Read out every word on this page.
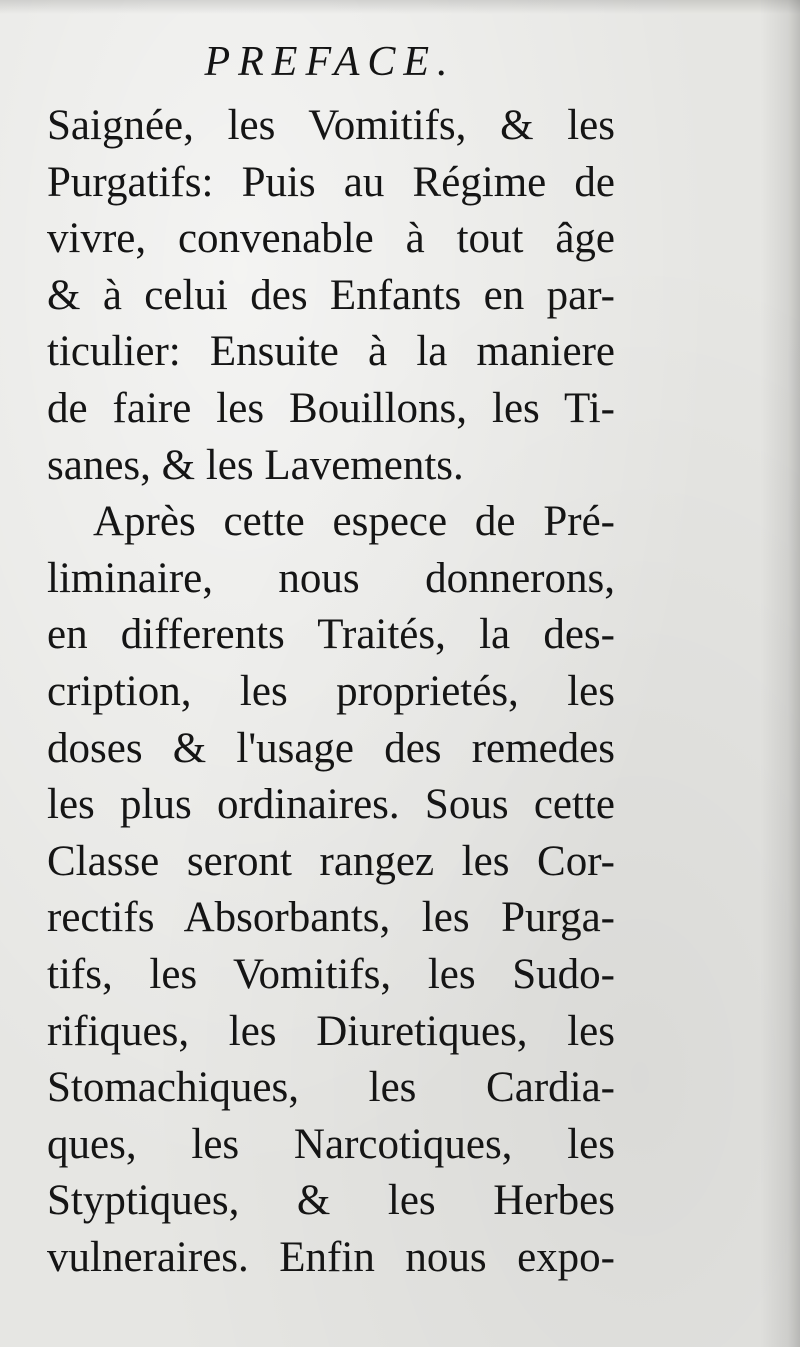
PREFACE.
Saignée, les Vomitifs, & les
Purgatifs: Puis au Régime de
vivre, convenable à tout âge
& à celui des Enfants en par-
ticulier: Ensuite à la maniere
de faire les Bouillons, les Ti-
sanes, & les Lavements.
Après cette espece de Pré-
liminaire, nous donnerons,
en differents Traités, la des-
cription, les proprietés, les
doses & l'usage des remedes
les plus ordinaires. Sous cette
Classe seront rangez les Cor-
rectifs Absorbants, les Purga-
tifs, les Vomitifs, les Sudo-
rifiques, les Diuretiques, les
Stomachiques, les Cardia-
ques, les Narcotiques, les
Styptiques, & les Herbes
vulneraires. Enfin nous expo-
